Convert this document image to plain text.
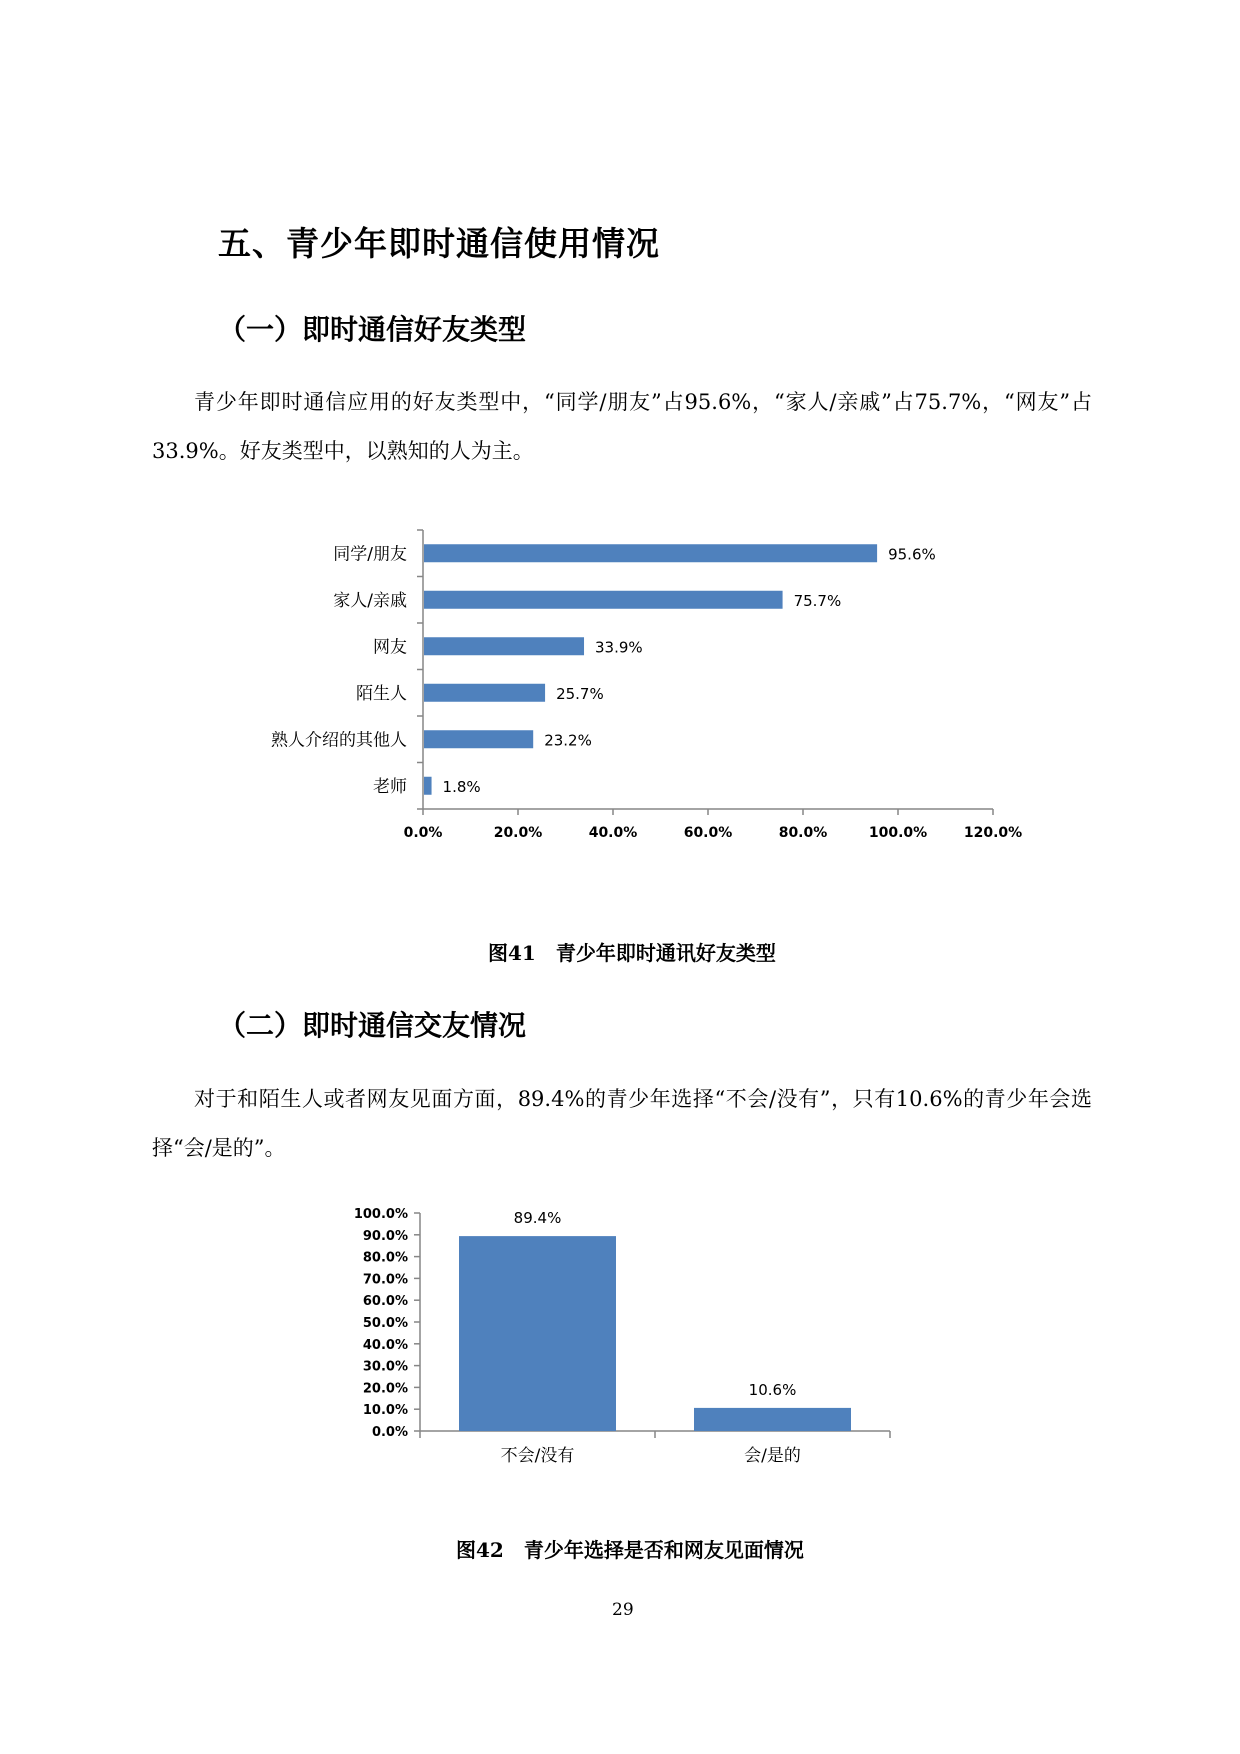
五、青少年即时通信使用情况
（一）即时通信好友类型
青少年即时通信应用的好友类型中，“同学/朋友”占95.6%，“家人/亲戚”占75.7%，“网友”占33.9%。好友类型中，以熟知的人为主。
0.0%	20.0%	40.0%	60.0%	80.0%	100.0%	120.0%
同学/朋友	95.6%
家人/亲戚	75.7%
网友	33.9%
陌生人	25.7%
熟人介绍的其他人	23.2%
老师 1.8%
图41　青少年即时通讯好友类型
（二）即时通信交友情况
对于和陌生人或者网友见面方面，89.4%的青少年选择“不会/没有”，只有10.6%的青少年会选择“会/是的”。
0.0%
10.0%
20.0%
30.0%
40.0%
50.0%
60.0%
70.0%
80.0%
90.0%
100.0%	89.4%
不会/没有
10.6%
会/是的
图42　青少年选择是否和网友见面情况
29
